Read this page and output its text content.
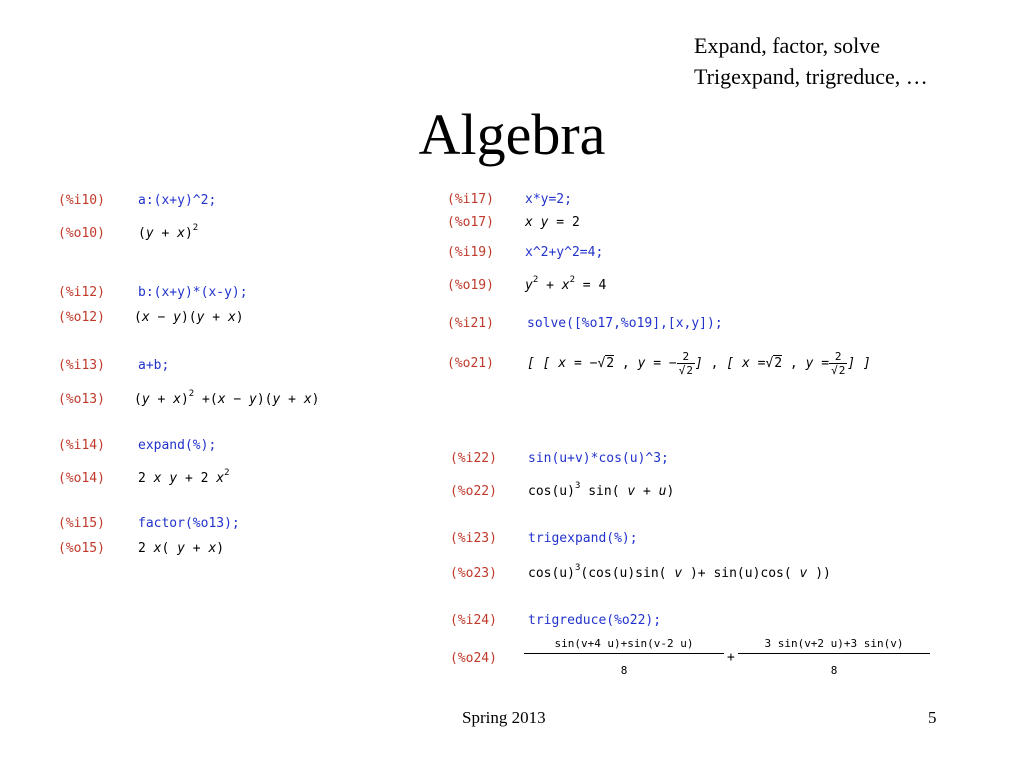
Expand, factor, solve
Trigexpand, trigreduce, …
Algebra
(%i10)	a:(x+y)^2;
(%o10)	$(y + x)^2$
(%i12)	b:(x+y)*(x-y);
(%o12)	(x − y)(y + x)
(%i13)	a+b;
(%o13)	$(y + x)^2 +(x - y)(y + x)$
(%i14)	expand(%);
(%o14)	2 x y + 2 $x^2$
(%i15)	factor(%o13);
(%o15)	2 x( y + x)
(%i17)	x*y=2;
(%o17)	x y = 2
(%i19)	x^2+y^2=4;
(%o19)	$y^2 + x^2 = 4$
(%i21)	solve([%o17,%o19],[x,y]);
(%o21)	[ [ x = −√2 , y = − $\frac{2}{√2}$ ] , [ x =√2 , $y = \frac{2}{√2}$ ] ]
(%i22)	sin(u+v)*cos(u)^3;
(%o22)	$\cos(u)^3$ sin( v + u)
(%i23)	trigexpand(%);
(%o23)	$\cos(u)^3(\cos(u)\sin$( v )+ sin(u)cos( v ))
(%i24)	trigreduce(%o22);
(%o24)	$\frac{\sin(v+4 u)+\sin(v-2 u)}{8} + \frac{3 \sin(v+2 u)+3 \sin(v)}{8}$
Spring 2013	5
